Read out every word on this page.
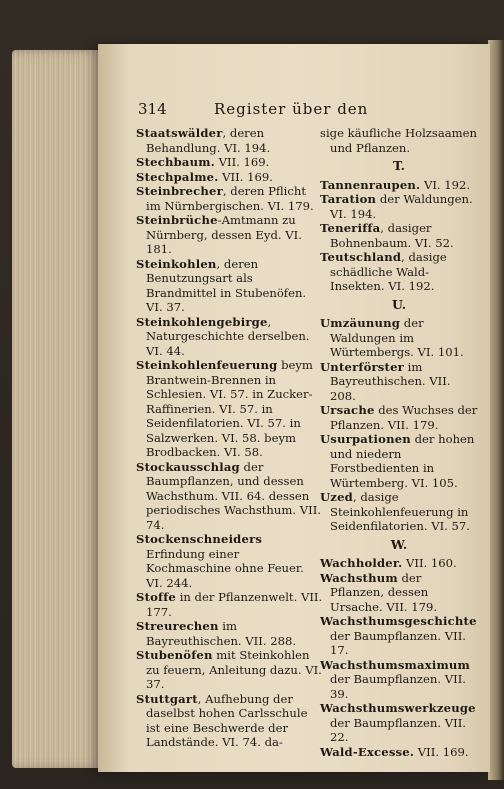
314	Register über den
Staatswälder, deren Behandlung. VI. 194.
Stechbaum. VII. 169.
Stechpalme. VII. 169.
Steinbrecher, deren Pflicht im Nürnbergischen. VI. 179.
Steinbrüche-Amtmann zu Nürnberg, dessen Eyd. VI. 181.
Steinkohlen, deren Benutzungsart als Brandmittel in Stubenöfen. VI. 37.
Steinkohlengebirge, Naturgeschichte derselben. VI. 44.
Steinkohlenfeuerung beym Brantwein-Brennen in Schlesien. VI. 57. in Zucker-Raffinerien. VI. 57. in Seidenfilatorien. VI. 57. in Salzwerken. VI. 58. beym Brodbacken. VI. 58.
Stockausschlag der Baumpflanzen, und dessen Wachsthum. VII. 64. dessen periodisches Wachsthum. VII. 74.
Stockenschneiders Erfindung einer Kochmaschine ohne Feuer. VI. 244.
Stoffe in der Pflanzenwelt. VII. 177.
Streurechen im Bayreuthischen. VII. 288.
Stubenöfen mit Steinkohlen zu feuern, Anleitung dazu. VI. 37.
Stuttgart, Aufhebung der daselbst hohen Carlsschule ist eine Beschwerde der Landstände. VI. 74. da-
sige käufliche Holzsaamen und Pflanzen.
T.
Tannenraupen. VI. 192.
Taration der Waldungen. VI. 194.
Teneriffa, dasiger Bohnenbaum. VI. 52.
Teutschland, dasige schädliche Wald-Insekten. VI. 192.
U.
Umzäunung der Waldungen im Würtembergs. VI. 101.
Unterförster im Bayreuthischen. VII. 208.
Ursache des Wuchses der Pflanzen. VII. 179.
Usurpationen der hohen und niedern Forstbedienten in Würtemberg. VI. 105.
Uzed, dasige Steinkohlenfeuerung in Seidenfilatorien. VI. 57.
W.
Wachholder. VII. 160.
Wachsthum der Pflanzen, dessen Ursache. VII. 179.
Wachsthumsgeschichte der Baumpflanzen. VII. 17.
Wachsthumsmaximum der Baumpflanzen. VII. 39.
Wachsthumswerkzeuge der Baumpflanzen. VII. 22.
Wald-Excesse. VII. 169.
